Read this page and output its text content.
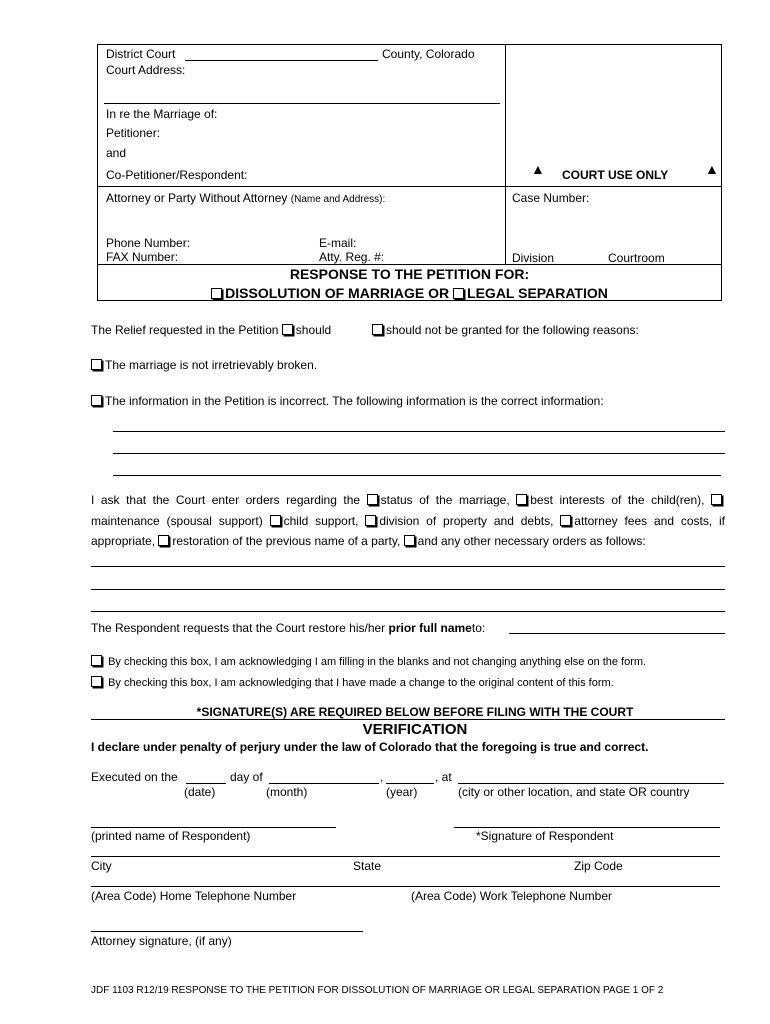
District Court	County, Colorado
Court Address:
In re the Marriage of:
Petitioner:
and
Co-Petitioner/Respondent:	▲ COURT USE ONLY	▲
Attorney or Party Without Attorney (Name and Address):	Case Number:
Phone Number:	E-mail:
FAX Number:	Atty. Reg. #:	Division	Courtroom
RESPONSE TO THE PETITION FOR:
DISSOLUTION OF MARRIAGE OR LEGAL SEPARATION
The Relief requested in the Petition should	should not be granted for the following reasons:
The marriage is not irretrievably broken.
The information in the Petition is incorrect. The following information is the correct information:
I ask that the Court enter orders regarding the status of the marriage, best interests of the child(ren), maintenance (spousal support) child support, division of property and debts, attorney fees and costs, if appropriate, restoration of the previous name of a party, and any other necessary orders as follows:
The Respondent requests that the Court restore his/her prior full nameto:
By checking this box, I am acknowledging I am filling in the blanks and not changing anything else on the form.
By checking this box, I am acknowledging that I have made a change to the original content of this form.
*SIGNATURE(S) ARE REQUIRED BELOW BEFORE FILING WITH THE COURT
VERIFICATION
I declare under penalty of perjury under the law of Colorado that the foregoing is true and correct.
Executed on the	day of	,	, at
(date)	(month)	(year)	(city or other location, and state OR country
(printed name of Respondent)	*Signature of Respondent
City	State	Zip Code
(Area Code) Home Telephone Number	(Area Code) Work Telephone Number
Attorney signature, (if any)
JDF 1103 R12/19 RESPONSE TO THE PETITION FOR DISSOLUTION OF MARRIAGE OR LEGAL SEPARATION PAGE 1 OF 2
